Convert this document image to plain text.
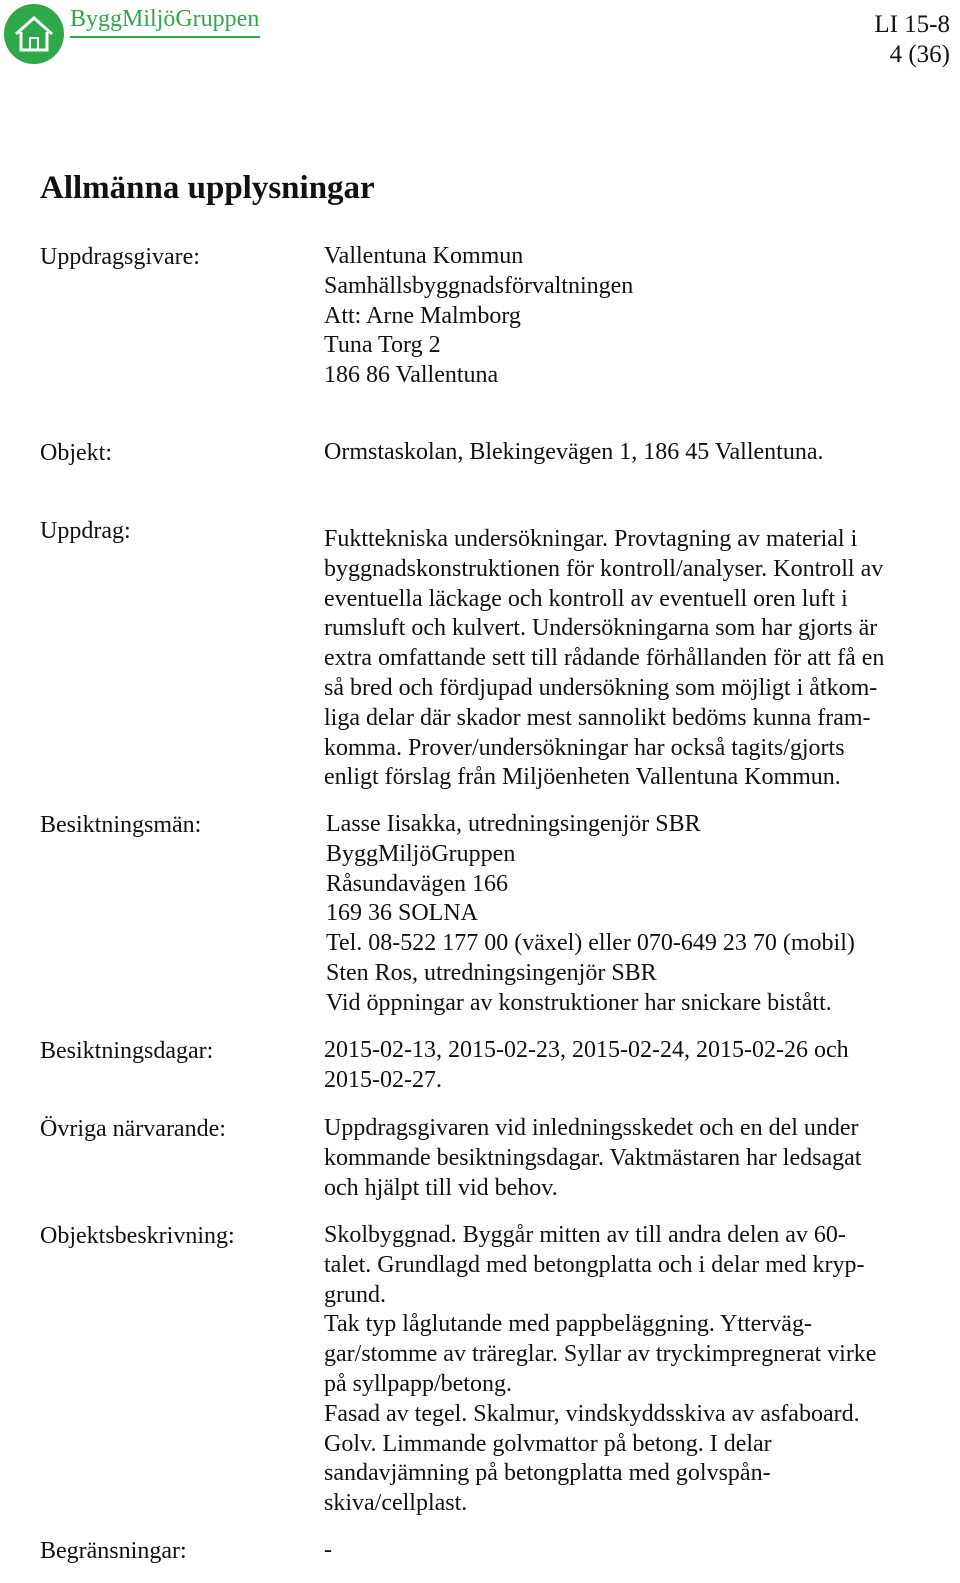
ByggMiljöGruppen	LI 15-8
4 (36)
Allmänna upplysningar
Uppdragsgivare:	Vallentuna Kommun
Samhällsbyggnadsförvaltningen
Att: Arne Malmborg
Tuna Torg 2
186 86 Vallentuna
Objekt:	Ormstaskolan, Blekingevägen 1, 186 45 Vallentuna.
Uppdrag:	Fukttekniska undersökningar. Provtagning av material i
byggnadskonstruktionen för kontroll/analyser. Kontroll av
eventuella läckage och kontroll av eventuell oren luft i
rumsluft och kulvert. Undersökningarna som har gjorts är
extra omfattande sett till rådande förhållanden för att få en
så bred och fördjupad undersökning som möjligt i åtkom-
liga delar där skador mest sannolikt bedöms kunna fram-
komma. Prover/undersökningar har också tagits/gjorts
enligt förslag från Miljöenheten Vallentuna Kommun.
Besiktningsmän:	Lasse Iisakka, utredningsingenjör SBR
ByggMiljöGruppen
Råsundavägen 166
169 36 SOLNA
Tel. 08-522 177 00 (växel) eller 070-649 23 70 (mobil)
Sten Ros, utredningsingenjör SBR
Vid öppningar av konstruktioner har snickare bistått.
Besiktningsdagar:	2015-02-13, 2015-02-23, 2015-02-24, 2015-02-26 och
2015-02-27.
Övriga närvarande:	Uppdragsgivaren vid inledningsskedet och en del under
kommande besiktningsdagar. Vaktmästaren har ledsagat
och hjälpt till vid behov.
Objektsbeskrivning:	Skolbyggnad. Byggår mitten av till andra delen av 60-
talet. Grundlagd med betongplatta och i delar med kryp-
grund.
Tak typ låglutande med pappbeläggning. Ytterväg-
gar/stomme av träreglar. Syllar av tryckimpregnerat virke
på syllpapp/betong.
Fasad av tegel. Skalmur, vindskyddsskiva av asfaboard.
Golv. Limmande golvmattor på betong. I delar
sandavjämning på betongplatta med golvspån-
skiva/cellplast.
Begränsningar:	-
